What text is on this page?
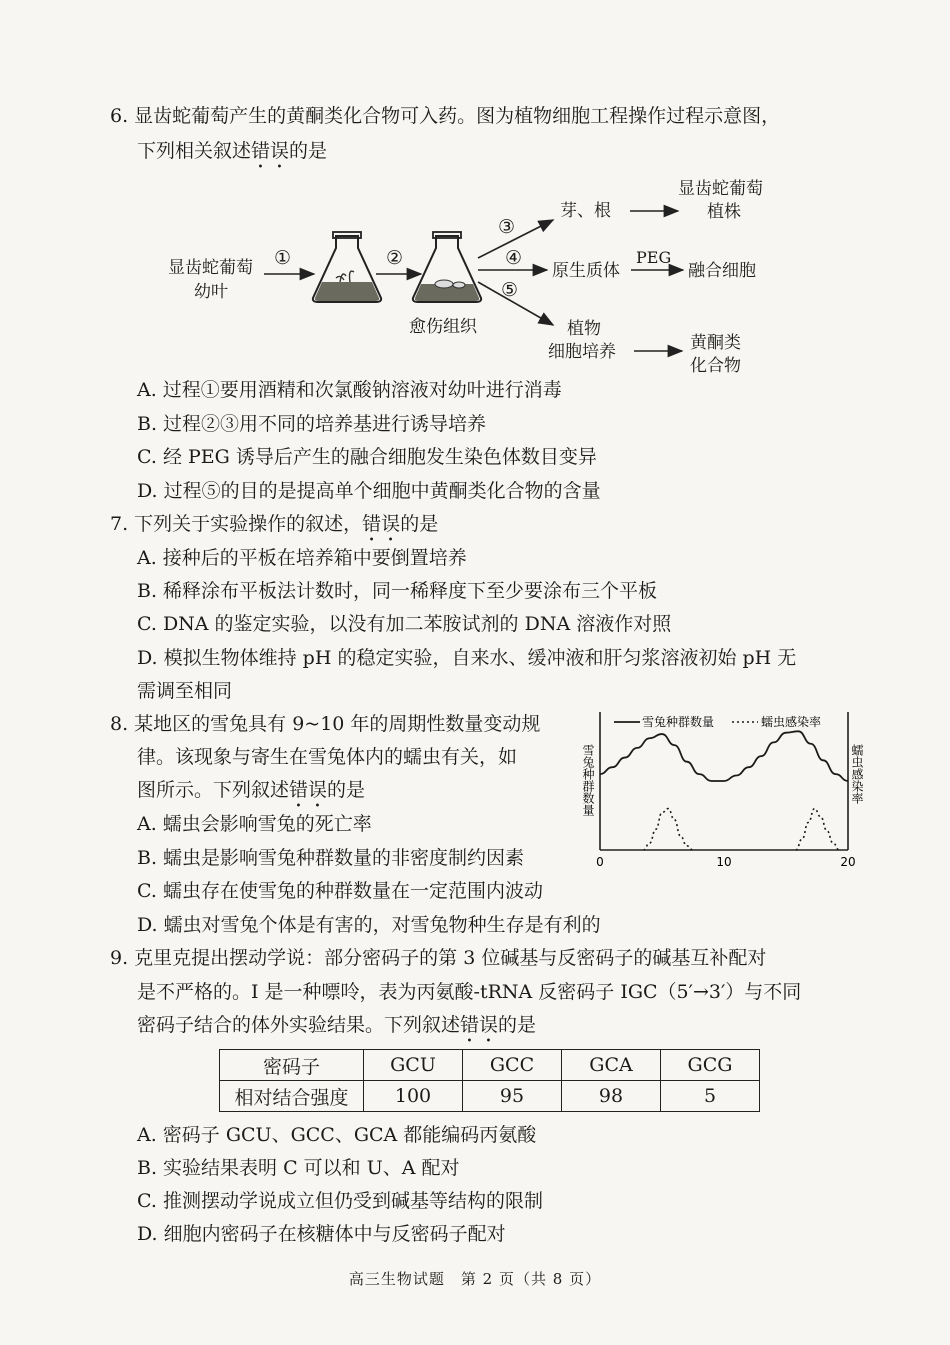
6. 显齿蛇葡萄产生的黄酮类化合物可入药。图为植物细胞工程操作过程示意图，
下列相关叙述错误的是
显齿蛇葡萄
幼叶
①	②
③
④
⑤
愈伤组织
芽、根
显齿蛇葡萄
植株
原生质体
PEG
融合细胞
植物
细胞培养	黄酮类
化合物
A. 过程①要用酒精和次氯酸钠溶液对幼叶进行消毒
B. 过程②③用不同的培养基进行诱导培养
C. 经 PEG 诱导后产生的融合细胞发生染色体数目变异
D. 过程⑤的目的是提高单个细胞中黄酮类化合物的含量
7. 下列关于实验操作的叙述，错误的是
A. 接种后的平板在培养箱中要倒置培养
B. 稀释涂布平板法计数时，同一稀释度下至少要涂布三个平板
C. DNA 的鉴定实验，以没有加二苯胺试剂的 DNA 溶液作对照
D. 模拟生物体维持 pH 的稳定实验，自来水、缓冲液和肝匀浆溶液初始 pH 无
需调至相同
8. 某地区的雪兔具有 9~10 年的周期性数量变动规
律。该现象与寄生在雪兔体内的蠕虫有关，如
图所示。下列叙述错误的是
A. 蠕虫会影响雪兔的死亡率
B. 蠕虫是影响雪兔种群数量的非密度制约因素
C. 蠕虫存在使雪兔的种群数量在一定范围内波动
D. 蠕虫对雪兔个体是有害的，对雪兔物种生存是有利的
雪兔种群数量	蠕虫感染率
0	10	20
雪兔种群数量	蠕虫感染率
9. 克里克提出摆动学说：部分密码子的第 3 位碱基与反密码子的碱基互补配对
是不严格的。I 是一种嘌呤，表为丙氨酸-tRNA 反密码子 IGC（5′→3′）与不同
密码子结合的体外实验结果。下列叙述错误的是
密码子	GCU	GCC	GCA	GCG
相对结合强度	100	95	98	5
A. 密码子 GCU、GCC、GCA 都能编码丙氨酸
B. 实验结果表明 C 可以和 U、A 配对
C. 推测摆动学说成立但仍受到碱基等结构的限制
D. 细胞内密码子在核糖体中与反密码子配对
高三生物试题　第 2 页（共 8 页）
